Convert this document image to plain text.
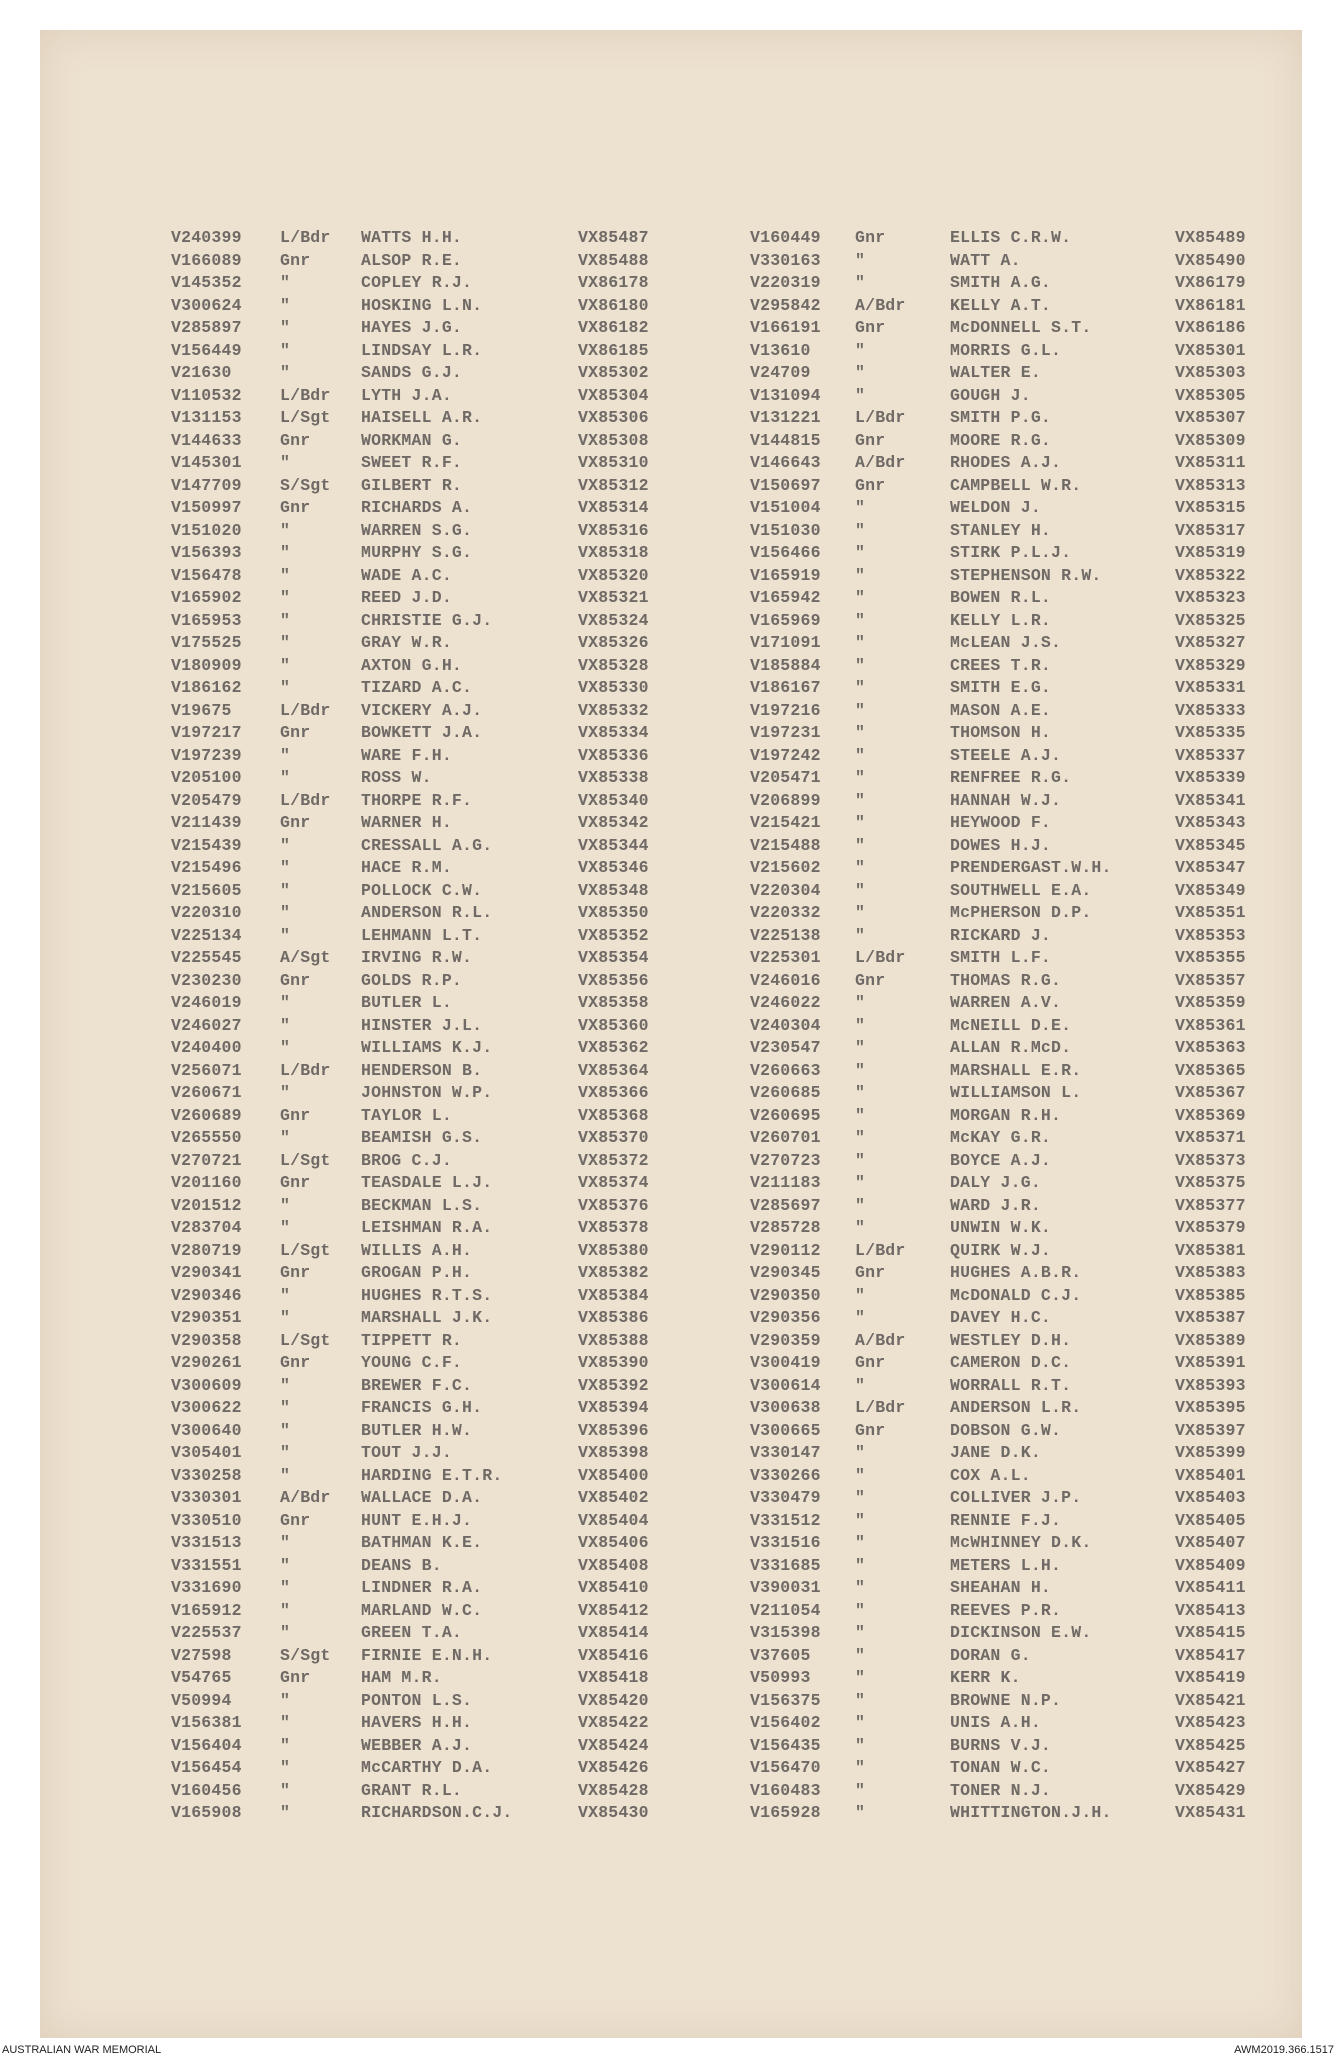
V240399 L/Bdr WATTS H.H.	VX85487
V166089 Gnr	ALSOP R.E.	VX85488
V145352 "	COPLEY R.J.	VX86178
V300624 "	HOSKING L.N.	VX86180
V285897 "	HAYES J.G.	VX86182
V156449 "	LINDSAY L.R.	VX86185
V21630	"	SANDS G.J.	VX85302
V110532 L/Bdr LYTH J.A.	VX85304
V131153 L/Sgt HAISELL A.R.	VX85306
V144633 Gnr	WORKMAN G.	VX85308
V145301 "	SWEET R.F.	VX85310
V147709 S/Sgt GILBERT R.	VX85312
V150997 Gnr	RICHARDS A.	VX85314
V151020 "	WARREN S.G.	VX85316
V156393 "	MURPHY S.G.	VX85318
V156478 "	WADE A.C.	VX85320
V165902 "	REED J.D.	VX85321
V165953 "	CHRISTIE G.J.	VX85324
V175525 "	GRAY W.R.	VX85326
V180909 "	AXTON G.H.	VX85328
V186162 "	TIZARD A.C.	VX85330
V19675	L/Bdr VICKERY A.J.	VX85332
V197217 Gnr	BOWKETT J.A.	VX85334
V197239 "	WARE F.H.	VX85336
V205100 "	ROSS W.	VX85338
V205479 L/Bdr THORPE R.F.	VX85340
V211439 Gnr	WARNER H.	VX85342
V215439 "	CRESSALL A.G.	VX85344
V215496 "	HACE R.M.	VX85346
V215605 "	POLLOCK C.W.	VX85348
V220310 "	ANDERSON R.L.	VX85350
V225134 "	LEHMANN L.T.	VX85352
V225545 A/Sgt IRVING R.W.	VX85354
V230230 Gnr	GOLDS R.P.	VX85356
V246019 "	BUTLER L.	VX85358
V246027 "	HINSTER J.L.	VX85360
V240400 "	WILLIAMS K.J.	VX85362
V256071 L/Bdr HENDERSON B.	VX85364
V260671 "	JOHNSTON W.P.	VX85366
V260689 Gnr	TAYLOR L.	VX85368
V265550 "	BEAMISH G.S.	VX85370
V270721 L/Sgt BROG C.J.	VX85372
V201160 Gnr	TEASDALE L.J.	VX85374
V201512 "	BECKMAN L.S.	VX85376
V283704 "	LEISHMAN R.A.	VX85378
V280719 L/Sgt WILLIS A.H.	VX85380
V290341 Gnr	GROGAN P.H.	VX85382
V290346 "	HUGHES R.T.S.	VX85384
V290351 "	MARSHALL J.K.	VX85386
V290358 L/Sgt TIPPETT R.	VX85388
V290261 Gnr	YOUNG C.F.	VX85390
V300609 "	BREWER F.C.	VX85392
V300622 "	FRANCIS G.H.	VX85394
V300640 "	BUTLER H.W.	VX85396
V305401 "	TOUT J.J.	VX85398
V330258 "	HARDING E.T.R.	VX85400
V330301 A/Bdr WALLACE D.A.	VX85402
V330510 Gnr	HUNT E.H.J.	VX85404
V331513 "	BATHMAN K.E.	VX85406
V331551 "	DEANS B.	VX85408
V331690 "	LINDNER R.A.	VX85410
V165912 "	MARLAND W.C.	VX85412
V225537 "	GREEN T.A.	VX85414
V27598	S/Sgt FIRNIE E.N.H.	VX85416
V54765	Gnr	HAM M.R.	VX85418
V50994	"	PONTON L.S.	VX85420
V156381 "	HAVERS H.H.	VX85422
V156404 "	WEBBER A.J.	VX85424
V156454 "	McCARTHY D.A.	VX85426
V160456 "	GRANT R.L.	VX85428
V165908 "	RICHARDSON.C.J.	VX85430
V160449 Gnr	ELLIS C.R.W.	VX85489
V330163 "	WATT A.	VX85490
V220319 "	SMITH A.G.	VX86179
V295842 A/Bdr	KELLY A.T.	VX86181
V166191 Gnr	McDONNELL S.T.	VX86186
V13610	"	MORRIS G.L.	VX85301
V24709	"	WALTER E.	VX85303
V131094 "	GOUGH J.	VX85305
V131221 L/Bdr	SMITH P.G.	VX85307
V144815 Gnr	MOORE R.G.	VX85309
V146643 A/Bdr	RHODES A.J.	VX85311
V150697 Gnr	CAMPBELL W.R.	VX85313
V151004 "	WELDON J.	VX85315
V151030 "	STANLEY H.	VX85317
V156466 "	STIRK P.L.J.	VX85319
V165919 "	STEPHENSON R.W.	VX85322
V165942 "	BOWEN R.L.	VX85323
V165969 "	KELLY L.R.	VX85325
V171091 "	McLEAN J.S.	VX85327
V185884 "	CREES T.R.	VX85329
V186167 "	SMITH E.G.	VX85331
V197216 "	MASON A.E.	VX85333
V197231 "	THOMSON H.	VX85335
V197242 "	STEELE A.J.	VX85337
V205471 "	RENFREE R.G.	VX85339
V206899 "	HANNAH W.J.	VX85341
V215421 "	HEYWOOD F.	VX85343
V215488 "	DOWES H.J.	VX85345
V215602 "	PRENDERGAST.W.H.	VX85347
V220304 "	SOUTHWELL E.A.	VX85349
V220332 "	McPHERSON D.P.	VX85351
V225138 "	RICKARD J.	VX85353
V225301 L/Bdr	SMITH L.F.	VX85355
V246016 Gnr	THOMAS R.G.	VX85357
V246022 "	WARREN A.V.	VX85359
V240304 "	McNEILL D.E.	VX85361
V230547 "	ALLAN R.McD.	VX85363
V260663 "	MARSHALL E.R.	VX85365
V260685 "	WILLIAMSON L.	VX85367
V260695 "	MORGAN R.H.	VX85369
V260701 "	McKAY G.R.	VX85371
V270723 "	BOYCE A.J.	VX85373
V211183 "	DALY J.G.	VX85375
V285697 "	WARD J.R.	VX85377
V285728 "	UNWIN W.K.	VX85379
V290112 L/Bdr	QUIRK W.J.	VX85381
V290345 Gnr	HUGHES A.B.R.	VX85383
V290350 "	McDONALD C.J.	VX85385
V290356 "	DAVEY H.C.	VX85387
V290359 A/Bdr	WESTLEY D.H.	VX85389
V300419 Gnr	CAMERON D.C.	VX85391
V300614 "	WORRALL R.T.	VX85393
V300638 L/Bdr	ANDERSON L.R.	VX85395
V300665 Gnr	DOBSON G.W.	VX85397
V330147 "	JANE D.K.	VX85399
V330266 "	COX A.L.	VX85401
V330479 "	COLLIVER J.P.	VX85403
V331512 "	RENNIE F.J.	VX85405
V331516 "	McWHINNEY D.K.	VX85407
V331685 "	METERS L.H.	VX85409
V390031 "	SHEAHAN H.	VX85411
V211054 "	REEVES P.R.	VX85413
V315398 "	DICKINSON E.W.	VX85415
V37605	"	DORAN G.	VX85417
V50993	"	KERR K.	VX85419
V156375 "	BROWNE N.P.	VX85421
V156402 "	UNIS A.H.	VX85423
V156435 "	BURNS V.J.	VX85425
V156470 "	TONAN W.C.	VX85427
V160483 "	TONER N.J.	VX85429
V165928 "	WHITTINGTON.J.H.	VX85431
AUSTRALIAN WAR MEMORIAL	AWM2019.366.1517
